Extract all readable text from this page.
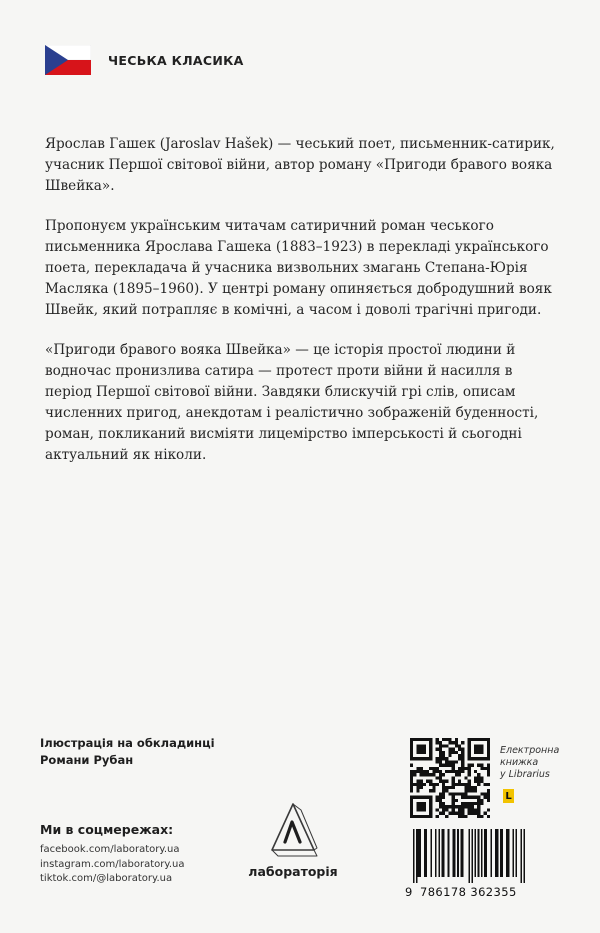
ЧЕСЬКА КЛАСИКА

Ярослав Гашек (Jaroslav Hašek) — чеський поет, письменник-сатирик, учасник Першої світової війни, автор роману «Пригоди бравого вояка Швейка».

Пропонуєм українським читачам сатиричний роман чеського письменника Ярослава Гашека (1883–1923) в перекладі українського поета, перекладача й учасника визвольних змагань Степана-Юрія Масляка (1895–1960). У центрі роману опиняється добродушний вояк Швейк, який потрапляє в комічні, а часом і доволі трагічні пригоди.

«Пригоди бравого вояка Швейка» — це історія простої людини й водночас пронизлива сатира — протест проти війни й насилля в період Першої світової війни. Завдяки блискучій грі слів, описам численних пригод, анекдотам і реалістично зображеній буденності, роман, покликаний висміяти лицемірство імперськості й сьогодні актуальний як ніколи.

Ілюстрація на обкладинці
Романи Рубан
Ми в соцмережах:
facebook.com/laboratory.ua
instagram.com/laboratory.ua
tiktok.com/@laboratory.ua	лабораторія
Електронна
книжка
у Librarius
L
9 786178 362355
